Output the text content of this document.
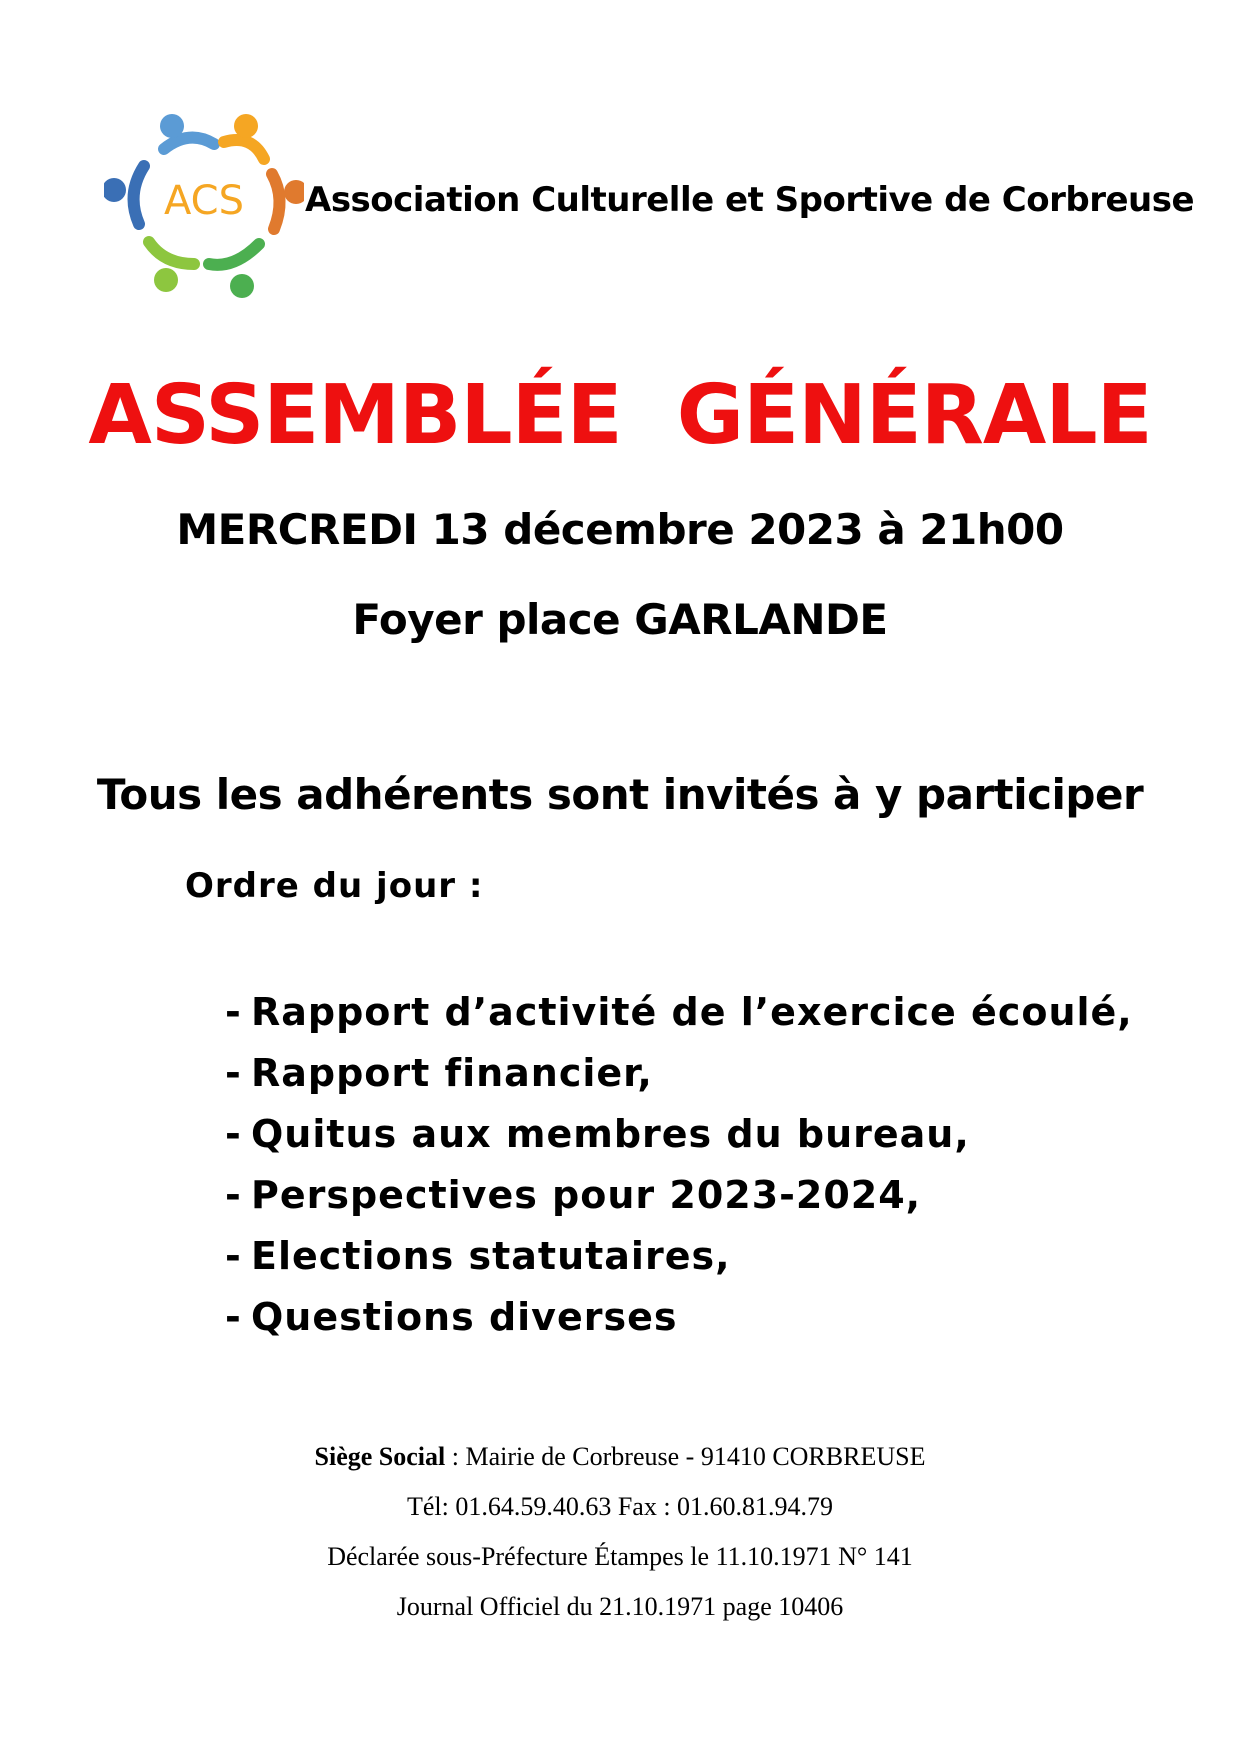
ACS Association Culturelle et Sportive de Corbreuse
ASSEMBLÉE  GÉNÉRALE
MERCREDI 13 décembre 2023 à 21h00
Foyer place GARLANDE
Tous les adhérents sont invités à y participer
Ordre du jour :
- Rapport d’activité de l’exercice écoulé,
- Rapport financier,
- Quitus aux membres du bureau,
- Perspectives pour 2023-2024,
- Elections statutaires,
- Questions diverses
Siège Social : Mairie de Corbreuse - 91410 CORBREUSE
Tél: 01.64.59.40.63 Fax : 01.60.81.94.79
Déclarée sous-Préfecture Étampes le 11.10.1971 N° 141
Journal Officiel du 21.10.1971 page 10406
